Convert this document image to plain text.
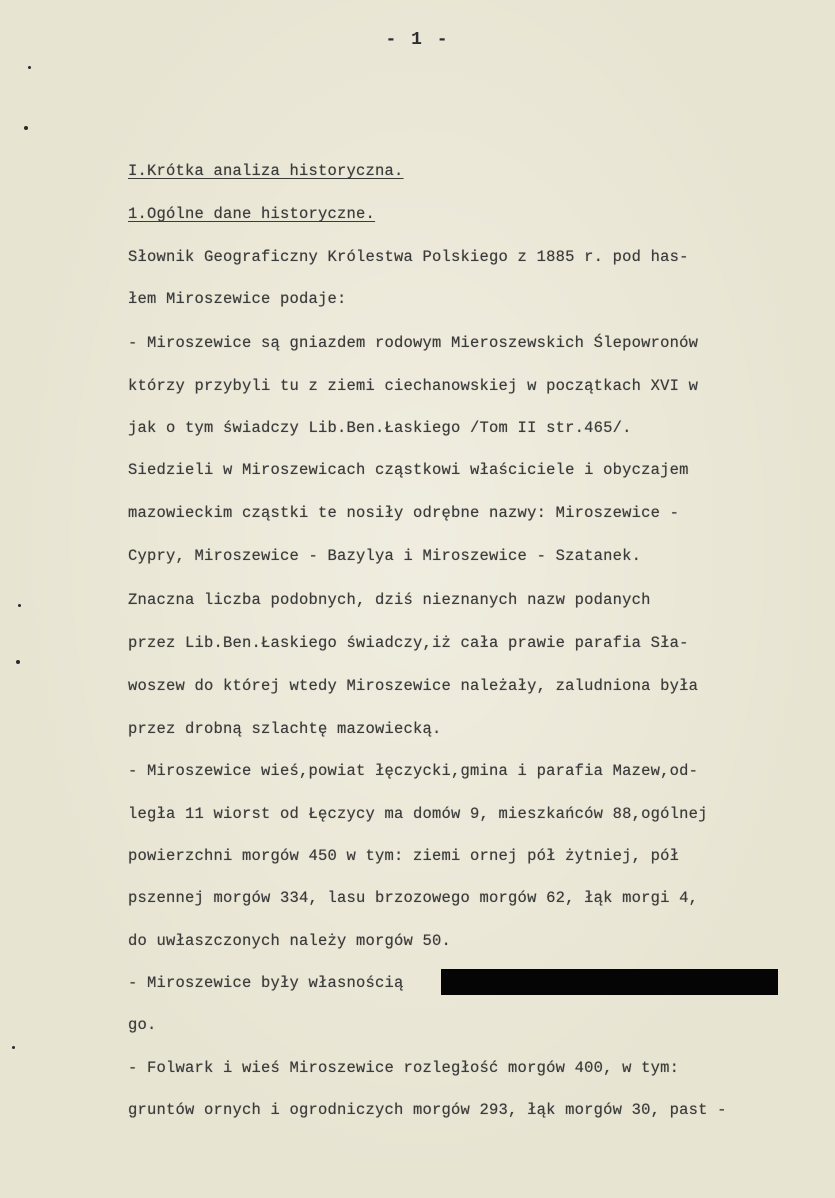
- 1 -
I.Krótka analiza historyczna.
1.Ogólne dane historyczne.
Słownik Geograficzny Królestwa Polskiego z 1885 r. pod has-
łem Miroszewice podaje:
- Miroszewice są gniazdem rodowym Mieroszewskich Ślepowronów
którzy przybyli tu z ziemi ciechanowskiej w początkach XVI w
jak o tym świadczy Lib.Ben.Łaskiego /Tom II str.465/.
Siedzieli w Miroszewicach cząstkowi właściciele i obyczajem
mazowieckim cząstki te nosiły odrębne nazwy: Miroszewice -
Cypry, Miroszewice - Bazylya i Miroszewice - Szatanek.
Znaczna liczba podobnych, dziś nieznanych nazw podanych
przez Lib.Ben.Łaskiego świadczy,iż cała prawie parafia Sła-
woszew do której wtedy Miroszewice należały, zaludniona była
przez drobną szlachtę mazowiecką.
- Miroszewice wieś,powiat łęczycki,gmina i parafia Mazew,od-
legła 11 wiorst od Łęczycy ma domów 9, mieszkańców 88,ogólnej
powierzchni morgów 450 w tym: ziemi ornej pół żytniej, pół
pszennej morgów 334, lasu brzozowego morgów 62, łąk morgi 4,
do uwłaszczonych należy morgów 50.
- Miroszewice były własnością
go.
- Folwark i wieś Miroszewice rozległość morgów 400, w tym:
gruntów ornych i ogrodniczych morgów 293, łąk morgów 30, past -
